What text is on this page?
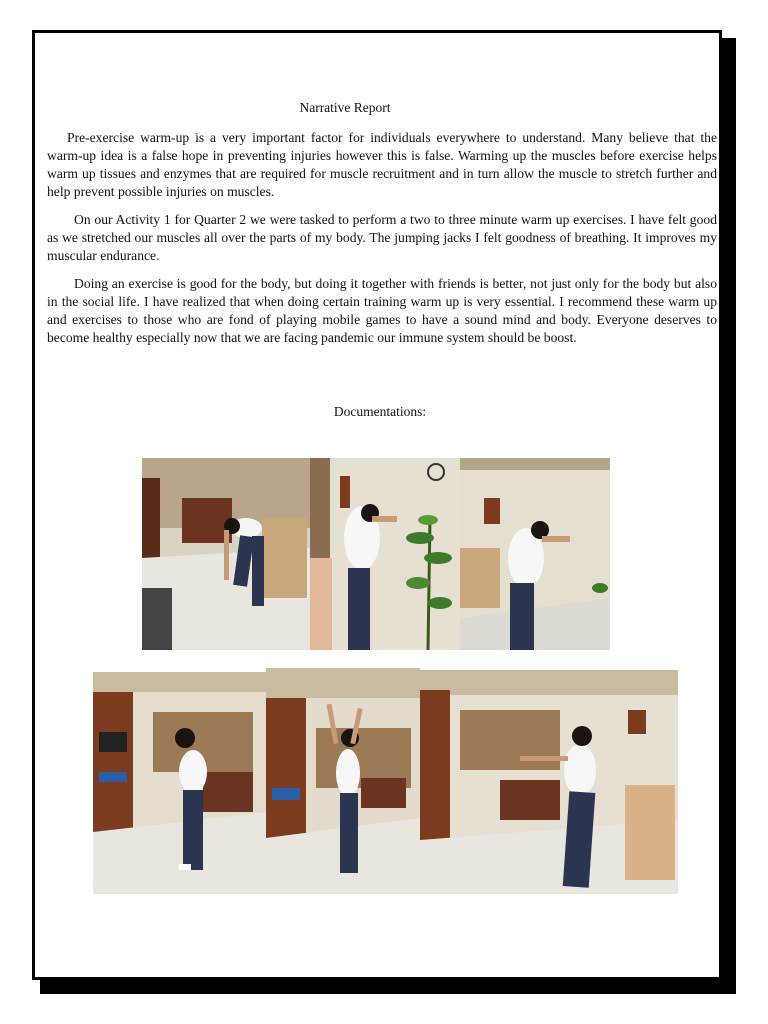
Narrative Report

Pre-exercise warm-up is a very important factor for individuals everywhere to understand. Many believe that the warm-up idea is a false hope in preventing injuries however this is false. Warming up the muscles before exercise helps warm up tissues and enzymes that are required for muscle recruitment and in turn allow the muscle to stretch further and help prevent possible injuries on muscles.

On our Activity 1 for Quarter 2 we were tasked to perform a two to three minute warm up exercises. I have felt good as we stretched our muscles all over the parts of my body. The jumping jacks I felt goodness of breathing. It improves my muscular endurance.

Doing an exercise is good for the body, but doing it together with friends is better, not just only for the body but also in the social life. I have realized that when doing certain training warm up is very essential. I recommend these warm up and exercises to those who are fond of playing mobile games to have a sound mind and body. Everyone deserves to become healthy especially now that we are facing pandemic our immune system should be boost.

Documentations:
